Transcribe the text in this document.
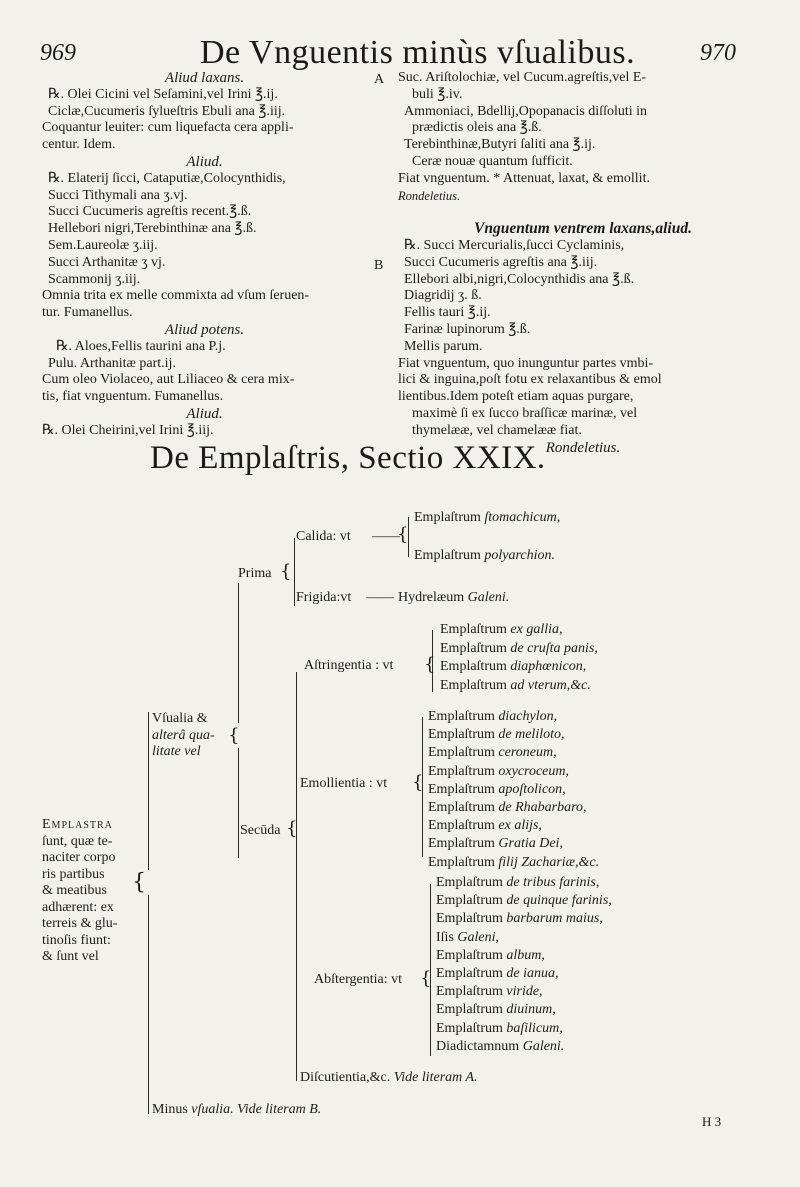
969	De Vnguentis minùs vſualibus.	970
Aliud laxans.
℞. Olei Cicini vel Seſamini,vel Irini ℥.ij.
Ciclæ,Cucumeris ſylueſtris Ebuli ana ℥.iij.
Coquantur leuiter: cum liquefacta cera appli-
centur. Idem.
Aliud.
℞. Elaterij ſicci, Cataputiæ,Colocynthidis,
Succi Tithymali ana ʒ.vj.
Succi Cucumeris agreſtis recent.℥.ß.
Hellebori nigri,Terebinthinæ ana ℥.ß.
Sem.Laureolæ ʒ.iij.
Succi Arthanitæ ʒ vj.
Scammonij ʒ.iij.
Omnia trita ex melle commixta ad vſum ſeruen-
tur. Fumanellus.
Aliud potens.
℞. Aloes,Fellis taurini ana P.j.
Pulu. Arthanitæ part.ij.
Cum oleo Violaceo, aut Liliaceo & cera mix-
tis, fiat vnguentum. Fumanellus.
Aliud.
℞. Olei Cheirini,vel Irini ℥.iij.
A
B
Suc. Ariſtolochiæ, vel Cucum.agreſtis,vel E-
buli ℥.iv.
Ammoniaci, Bdellij,Opopanacis diſſoluti in
prædictis oleis ana ℥.ß.
Terebinthinæ,Butyri ſaliti ana ℥.ij.
Ceræ nouæ quantum ſufficit.
Fiat vnguentum. * Attenuat, laxat, & emollit.
Rondeletius.

Vnguentum ventrem laxans,aliud.
℞. Succi Mercurialis,ſucci Cyclaminis,
Succi Cucumeris agreſtis ana ℥.iij.
Ellebori albi,nigri,Colocynthidis ana ℥.ß.
Diagridij ʒ. ß.
Fellis tauri ℥.ij.
Farinæ lupinorum ℥.ß.
Mellis parum.
Fiat vnguentum, quo inunguntur partes vmbi-
lici & inguina,poſt fotu ex relaxantibus & emol
lientibus.Idem poteſt etiam aquas purgare,
maximè ſi ex ſucco braſſicæ marinæ, vel
thymelææ, vel chamelææ fiat.
Rondeletius.
De Emplaſtris, Sectio XXIX.
Emplastra
ſunt, quæ te-
naciter corpo
ris partibus
& meatibus
adhærent: ex
terreis & glu-
tinoſis fiunt:
& ſunt vel
{
Vſualia &
alterâ qua-
litate vel
{
Prima {
Calida: vt ——
{
Emplaſtrum ſtomachicum,
Emplaſtrum polyarchion.
Frigida:vt —— Hydrelæum Galeni.
Secūda {
Aſtringentia : vt {
Emplaſtrum ex gallia,
Emplaſtrum de cruſta panis,
Emplaſtrum diaphœnicon,
Emplaſtrum ad vterum,&c.
Emollientia : vt {
Emplaſtrum diachylon,
Emplaſtrum de meliloto,
Emplaſtrum ceroneum,
Emplaſtrum oxycroceum,
Emplaſtrum apoſtolicon,
Emplaſtrum de Rhabarbaro,
Emplaſtrum ex alijs,
Emplaſtrum Gratia Dei,
Emplaſtrum filij Zachariæ,&c.
Abſtergentia: vt {
Emplaſtrum de tribus farinis,
Emplaſtrum de quinque farinis,
Emplaſtrum barbarum maius,
Iſis Galeni,
Emplaſtrum album,
Emplaſtrum de ianua,
Emplaſtrum viride,
Emplaſtrum diuinum,
Emplaſtrum baſilicum,
Diadictamnum Galeni.
Diſcutientia,&c. Vide literam A.
Minus vſualia. Vide literam B.
H 3
